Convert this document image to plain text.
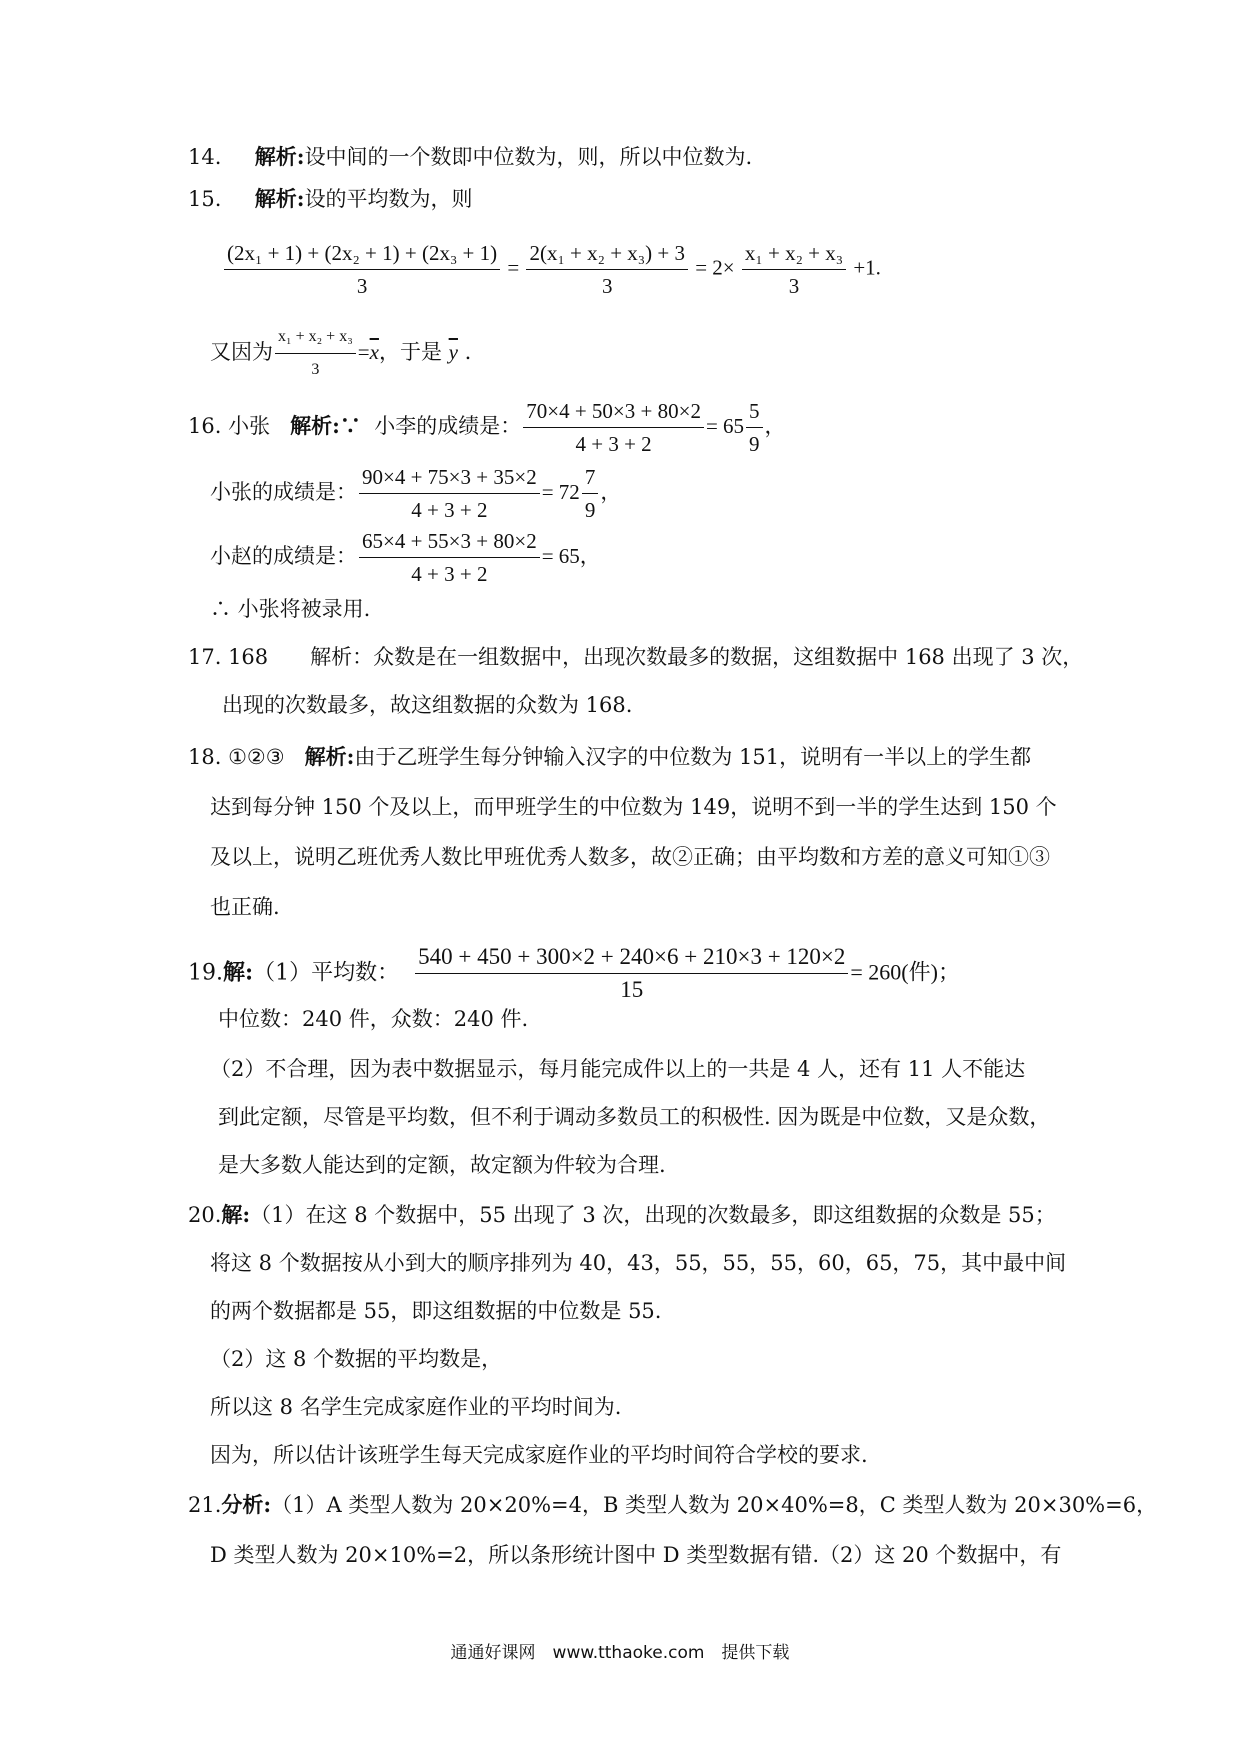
14. 解析:设中间的一个数即中位数为，则，所以中位数为.
15. 解析:设的平均数为，则
$\frac{\text{(2x₁ + 1) + (2x₂ + 1) + (2x₃ + 1)}}{3} = \frac{\text{2(x₁ + x₂ + x₃) + 3}}{3} = 2\times \frac{\text{x₁ + x₂ + x₃}}{3} +1$.
又因为 $\frac{\text{x₁ + x₂ + x₃}}{3} =\overline{x}$，于是 $\overline{y}$ .
16. 小张 解析:∵ 小李的成绩是： $\frac{70\times 4 + 50\times 3 + 80\times 2}{4 + 3 + 2} = 65 \frac{5}{9}$ ，
小张的成绩是： $\frac{90\times 4 + 75\times 3 + 35\times 2}{4 + 3 + 2} = 72 \frac{7}{9}$ ，
小赵的成绩是： $\frac{65\times 4 + 55\times 3 + 80\times 2}{4 + 3 + 2} = 65$，
∴ 小张将被录用.
17. 168　　解析：众数是在一组数据中，出现次数最多的数据，这组数据中 168 出现了 3 次，
出现的次数最多，故这组数据的众数为 168.
18. ①②③ 解析:由于乙班学生每分钟输入汉字的中位数为 151，说明有一半以上的学生都
达到每分钟 150 个及以上，而甲班学生的中位数为 149，说明不到一半的学生达到 150 个
及以上，说明乙班优秀人数比甲班优秀人数多，故②正确；由平均数和方差的意义可知①③
也正确.
19.解:（1）平均数： $\frac{540 + 450 + 300\times 2 + 240\times 6 + 210\times 3 + 120\times 2}{15} = 260$(件)；
中位数：240 件，众数：240 件.
（2）不合理，因为表中数据显示，每月能完成件以上的一共是 4 人，还有 11 人不能达
到此定额，尽管是平均数，但不利于调动多数员工的积极性. 因为既是中位数，又是众数，
是大多数人能达到的定额，故定额为件较为合理.
20.解:（1）在这 8 个数据中，55 出现了 3 次，出现的次数最多，即这组数据的众数是 55；
将这 8 个数据按从小到大的顺序排列为 40，43，55，55，55，60，65，75，其中最中间
的两个数据都是 55，即这组数据的中位数是 55.
（2）这 8 个数据的平均数是，
所以这 8 名学生完成家庭作业的平均时间为.
因为，所以估计该班学生每天完成家庭作业的平均时间符合学校的要求.
21.分析:（1）A 类型人数为 20×20%=4，B 类型人数为 20×40%=8，C 类型人数为 20×30%=6，
D 类型人数为 20×10%=2，所以条形统计图中 D 类型数据有错.（2）这 20 个数据中，有
通通好课网　www.tthaoke.com　提供下载
